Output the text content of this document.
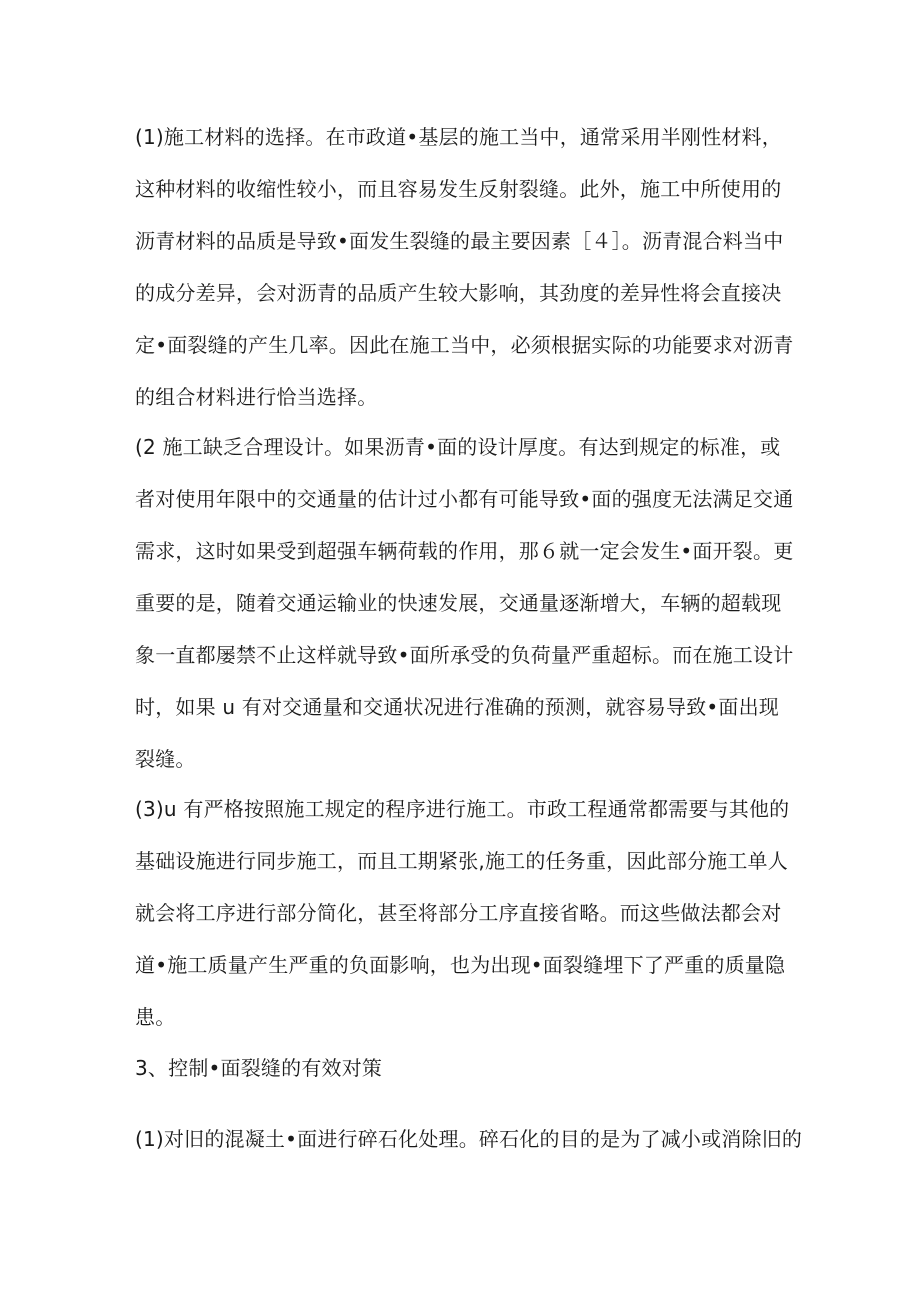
(1)施工材料的选择。在市政道•基层的施工当中，通常采用半刚性材料，
这种材料的收缩性较小，而且容易发生反射裂缝。此外，施工中所使用的
沥青材料的品质是导致•面发生裂缝的最主要因素［４］。沥青混合料当中
的成分差异，会对沥青的品质产生较大影响，其劲度的差异性将会直接决
定•面裂缝的产生几率。因此在施工当中，必须根据实际的功能要求对沥青
的组合材料进行恰当选择。

(2 施工缺乏合理设计。如果沥青•面的设计厚度。有达到规定的标准，或
者对使用年限中的交通量的估计过小都有可能导致•面的强度无法满足交通
需求，这时如果受到超强车辆荷载的作用，那６就一定会发生•面开裂。更
重要的是，随着交通运输业的快速发展，交通量逐渐增大，车辆的超载现
象一直都屡禁不止这样就导致•面所承受的负荷量严重超标。而在施工设计
时，如果 u 有对交通量和交通状况进行准确的预测，就容易导致•面出现
裂缝。

(3)u 有严格按照施工规定的程序进行施工。市政工程通常都需要与其他的
基础设施进行同步施工，而且工期紧张,施工的任务重，因此部分施工单人
就会将工序进行部分简化，甚至将部分工序直接省略。而这些做法都会对
道•施工质量产生严重的负面影响，也为出现•面裂缝埋下了严重的质量隐
患。

3、控制•面裂缝的有效对策

(1)对旧的混凝土•面进行碎石化处理。碎石化的目的是为了减小或消除旧的
